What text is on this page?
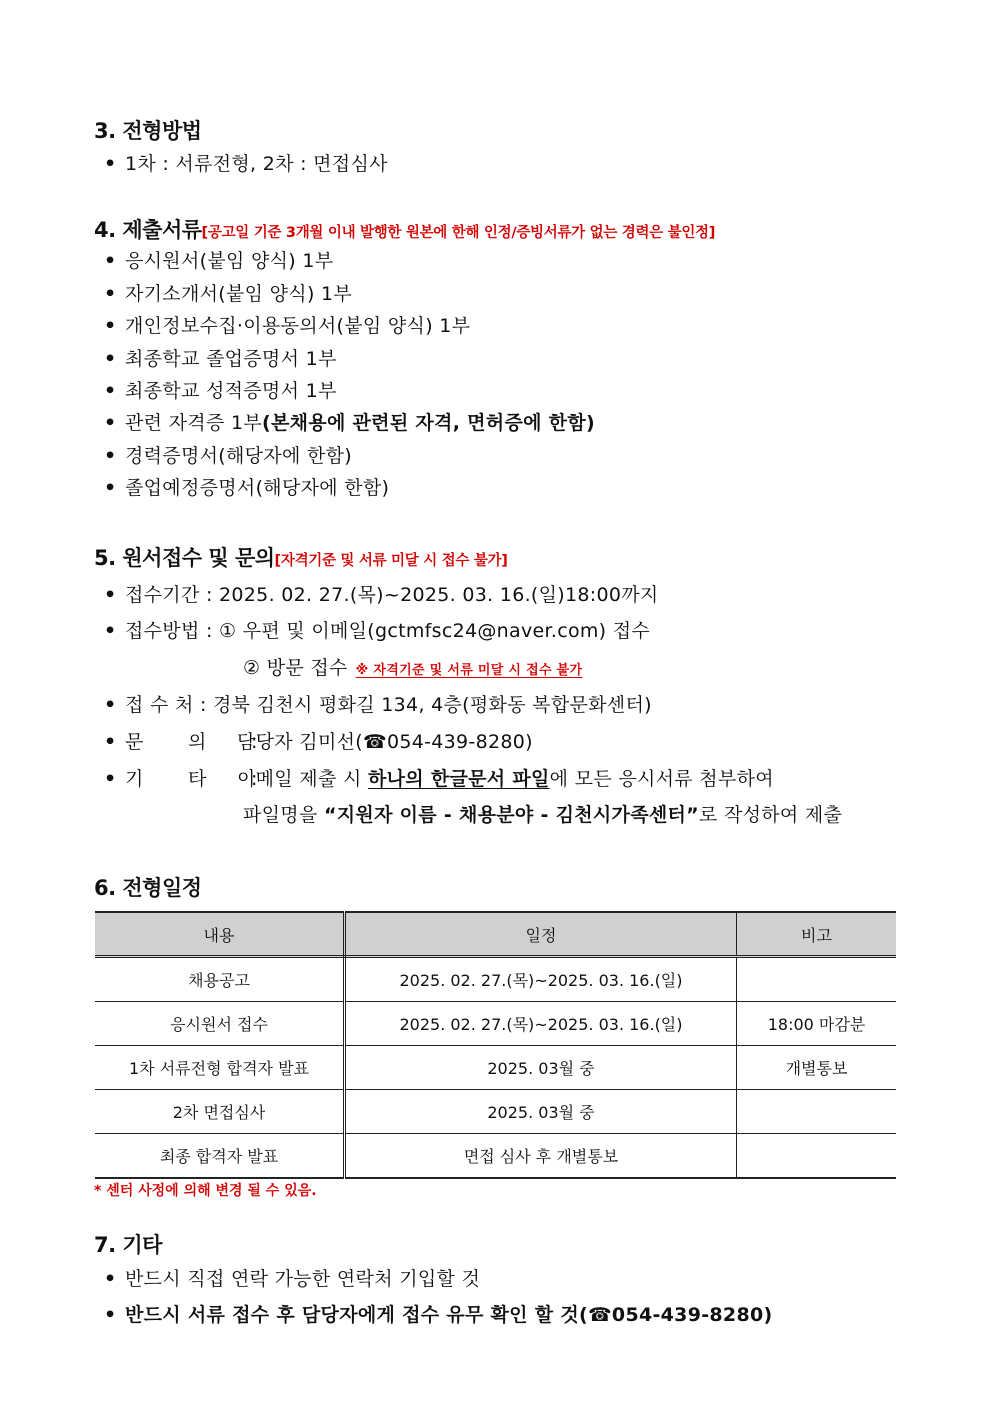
3. 전형방법
• 1차 : 서류전형, 2차 : 면접심사
4. 제출서류[공고일 기준 3개월 이내 발행한 원본에 한해 인정/증빙서류가 없는 경력은 불인정]
• 응시원서(붙임 양식) 1부
• 자기소개서(붙임 양식) 1부
• 개인정보수집·이용동의서(붙임 양식) 1부
• 최종학교 졸업증명서 1부
• 최종학교 성적증명서 1부
• 관련 자격증 1부(본채용에 관련된 자격, 면허증에 한함)
• 경력증명서(해당자에 한함)
• 졸업예정증명서(해당자에 한함)
5. 원서접수 및 문의[자격기준 및 서류 미달 시 접수 불가]
• 접수기간 : 2025. 02. 27.(목)~2025. 03. 16.(일)18:00까지
• 접수방법 : ① 우편 및 이메일(gctmfsc24@naver.com) 접수
② 방문 접수 ※ 자격기준 및 서류 미달 시 접수 불가
• 접 수 처 : 경북 김천시 평화길 134, 4층(평화동 복합문화센터)
• 문 의 :담당자 김미선(☎054-439-8280)
• 기 타 :이메일 제출 시 하나의 한글문서 파일에 모든 응시서류 첨부하여
파일명을 “지원자 이름 - 채용분야 - 김천시가족센터”로 작성하여 제출
6. 전형일정
내용	일정	비고
채용공고	2025. 02. 27.(목)~2025. 03. 16.(일)	
응시원서 접수	2025. 02. 27.(목)~2025. 03. 16.(일)	18:00 마감분
1차 서류전형 합격자 발표	2025. 03월 중	개별통보
2차 면접심사	2025. 03월 중	
최종 합격자 발표	면접 심사 후 개별통보	
* 센터 사정에 의해 변경 될 수 있음.
7. 기타
• 반드시 직접 연락 가능한 연락처 기입할 것
• 반드시 서류 접수 후 담당자에게 접수 유무 확인 할 것(☎054-439-8280)
